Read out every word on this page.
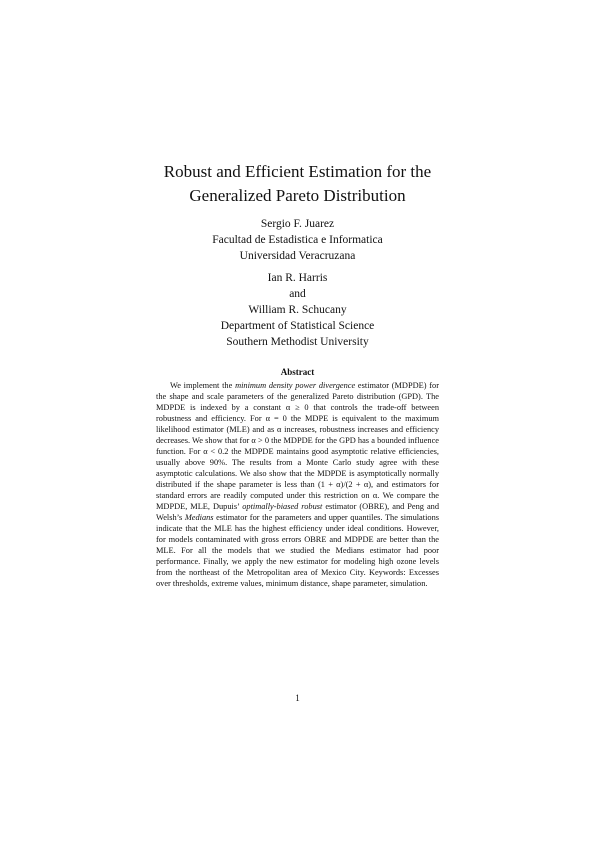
Robust and Efficient Estimation for the
Generalized Pareto Distribution
Sergio F. Juarez
Facultad de Estadistica e Informatica
Universidad Veracruzana
Ian R. Harris
and
William R. Schucany
Department of Statistical Science
Southern Methodist University
Abstract
We implement the minimum density power divergence estimator (MDPDE) for the shape and scale parameters of the generalized Pareto distribution (GPD). The MDPDE is indexed by a constant α ≥ 0 that controls the trade-off between robustness and efficiency. For α = 0 the MDPE is equivalent to the maximum likelihood estimator (MLE) and as α increases, robustness increases and efficiency decreases. We show that for α > 0 the MDPDE for the GPD has a bounded influence function. For α < 0.2 the MDPDE maintains good asymptotic relative efficiencies, usually above 90%. The results from a Monte Carlo study agree with these asymptotic calculations. We also show that the MDPDE is asymptotically normally distributed if the shape parameter is less than (1 + α)/(2 + α), and estimators for standard errors are readily computed under this restriction on α. We compare the MDPDE, MLE, Dupuis’ optimally-biased robust estimator (OBRE), and Peng and Welsh’s Medians estimator for the parameters and upper quantiles. The simulations indicate that the MLE has the highest efficiency under ideal conditions. However, for models contaminated with gross errors OBRE and MDPDE are better than the MLE. For all the models that we studied the Medians estimator had poor performance. Finally, we apply the new estimator for modeling high ozone levels from the northeast of the Metropolitan area of Mexico City. Keywords: Excesses over thresholds, extreme values, minimum distance, shape parameter, simulation.
1
